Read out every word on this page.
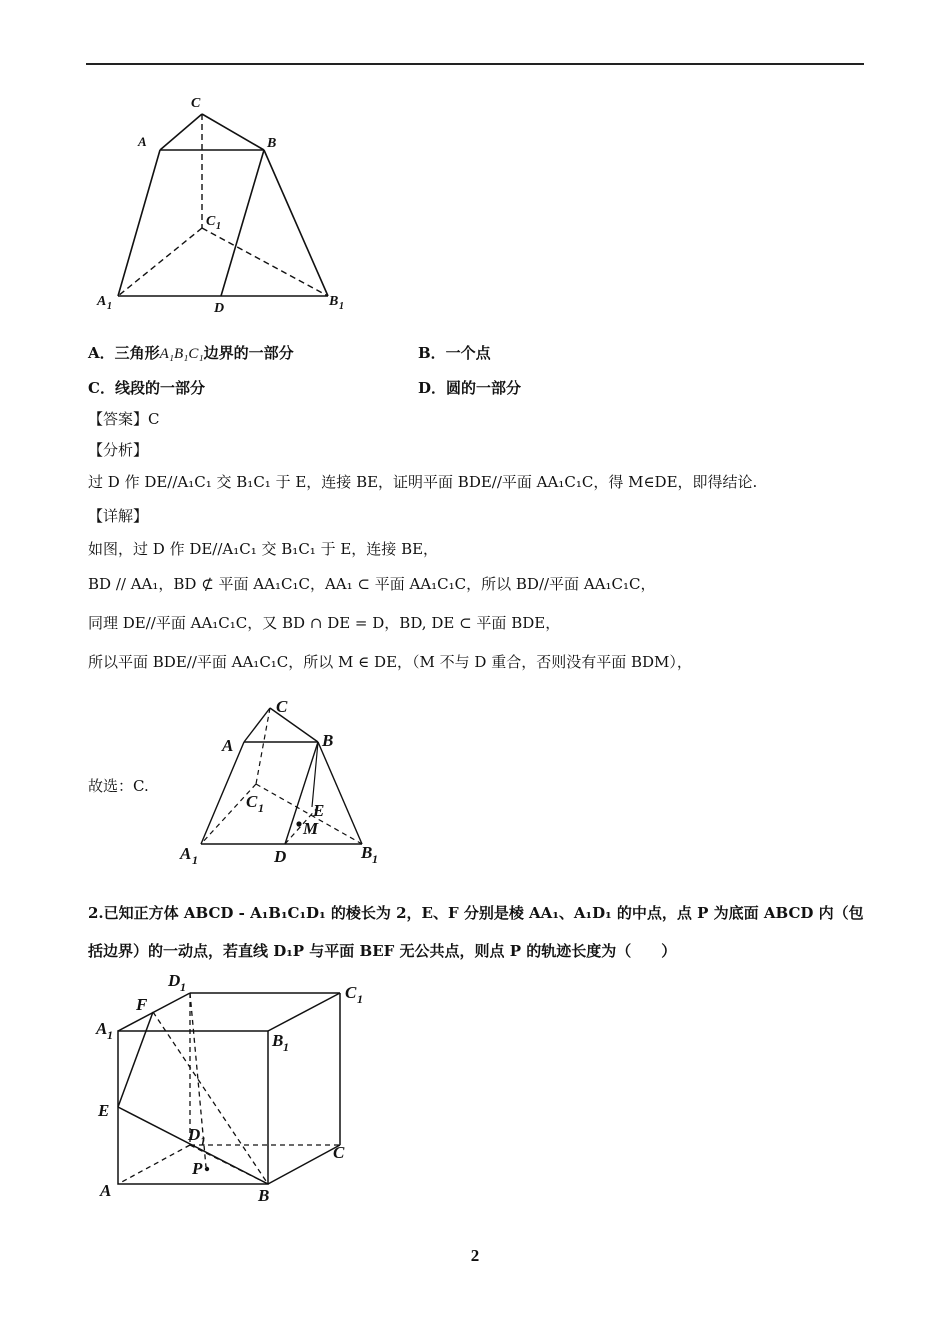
C
A	B
C 1
A 1	D	B 1
A．三角形A₁B₁C₁边界的一部分	B．一个点
C．线段的一部分	D．圆的一部分
【答案】C
【分析】
过 D 作 DE//A₁C₁ 交 B₁C₁ 于 E，连接 BE，证明平面 BDE//平面 AA₁C₁C，得 M∈DE，即得结论.
【详解】
如图，过 D 作 DE//A₁C₁ 交 B₁C₁ 于 E，连接 BE，
BD // AA₁，BD ⊄ 平面 AA₁C₁C，AA₁ ⊂ 平面 AA₁C₁C，所以 BD//平面 AA₁C₁C，
同理 DE//平面 AA₁C₁C，又 BD ∩ DE = D，BD, DE ⊂ 平面 BDE，
所以平面 BDE//平面 AA₁C₁C，所以 M ∈ DE，（M 不与 D 重合，否则没有平面 BDM），
故选：C.
C
A	B
C 1	E
M
A 1	D	B 1
2.已知正方体 ABCD - A₁B₁C₁D₁ 的棱长为 2，E、F 分别是棱 AA₁、A₁D₁ 的中点，点 P 为底面 ABCD 内（包
括边界）的一动点，若直线 D₁P 与平面 BEF 无公共点，则点 P 的轨迹长度为（　　）
D 1	C 1
F
A 1	B 1
E
D 1
C
P
A	B
2
